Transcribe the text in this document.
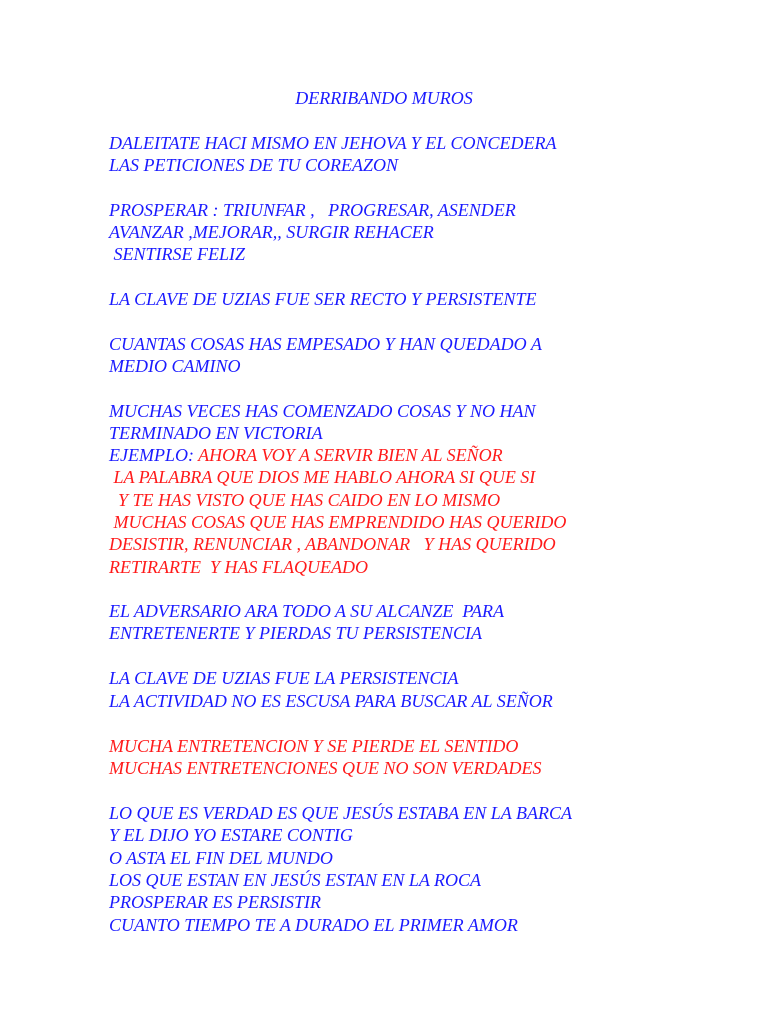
DERRIBANDO MUROS
DALEITATE HACI MISMO EN JEHOVA Y EL CONCEDERA
LAS PETICIONES DE TU COREAZON
PROSPERAR : TRIUNFAR ,   PROGRESAR, ASENDER
AVANZAR ,MEJORAR,, SURGIR REHACER
SENTIRSE FELIZ
LA CLAVE DE UZIAS FUE SER RECTO Y PERSISTENTE
CUANTAS COSAS HAS EMPESADO Y HAN QUEDADO A
MEDIO CAMINO
MUCHAS VECES HAS COMENZADO COSAS Y NO HAN
TERMINADO EN VICTORIA
EJEMPLO: AHORA VOY A SERVIR BIEN AL SEÑOR
LA PALABRA QUE DIOS ME HABLO AHORA SI QUE SI
Y TE HAS VISTO QUE HAS CAIDO EN LO MISMO
MUCHAS COSAS QUE HAS EMPRENDIDO HAS QUERIDO
DESISTIR, RENUNCIAR , ABANDONAR   Y HAS QUERIDO
RETIRARTE  Y HAS FLAQUEADO
EL ADVERSARIO ARA TODO A SU ALCANZE  PARA
ENTRETENERTE Y PIERDAS TU PERSISTENCIA
LA CLAVE DE UZIAS FUE LA PERSISTENCIA
LA ACTIVIDAD NO ES ESCUSA PARA BUSCAR AL SEÑOR
MUCHA ENTRETENCION Y SE PIERDE EL SENTIDO
MUCHAS ENTRETENCIONES QUE NO SON VERDADES
LO QUE ES VERDAD ES QUE JESÚS ESTABA EN LA BARCA
Y EL DIJO YO ESTARE CONTIG
O ASTA EL FIN DEL MUNDO
LOS QUE ESTAN EN JESÚS ESTAN EN LA ROCA
PROSPERAR ES PERSISTIR
CUANTO TIEMPO TE A DURADO EL PRIMER AMOR
